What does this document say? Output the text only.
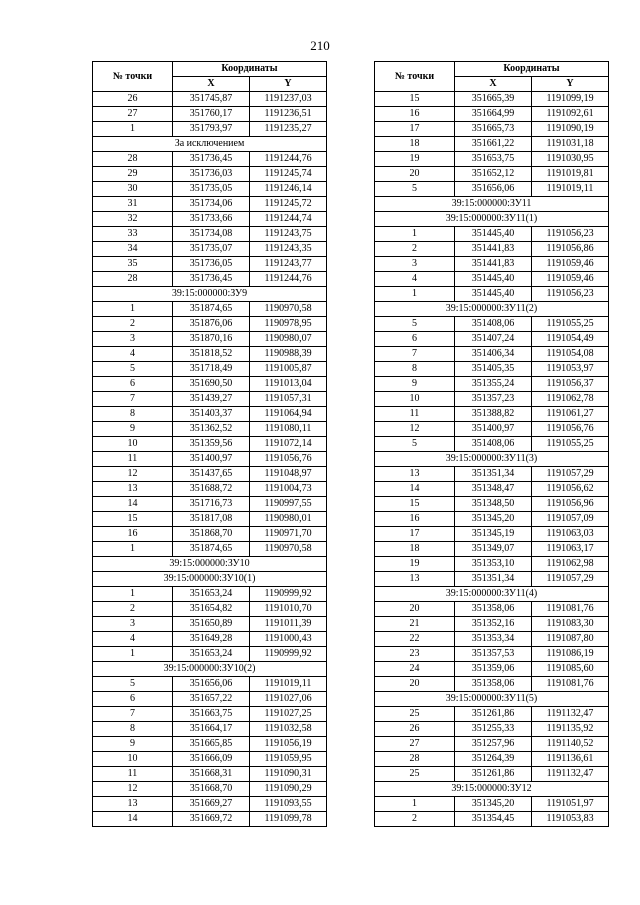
210
№ точки	Координаты	
	X	Y
26	351745,87	1191237,03
27	351760,17	1191236,51
1	351793,97	1191235,27
За исключением		
28	351736,45	1191244,76
29	351736,03	1191245,74
30	351735,05	1191246,14
31	351734,06	1191245,72
32	351733,66	1191244,74
33	351734,08	1191243,75
34	351735,07	1191243,35
35	351736,05	1191243,77
28	351736,45	1191244,76
39:15:000000:ЗУ9		
1	351874,65	1190970,58
2	351876,06	1190978,95
3	351870,16	1190980,07
4	351818,52	1190988,39
5	351718,49	1191005,87
6	351690,50	1191013,04
7	351439,27	1191057,31
8	351403,37	1191064,94
9	351362,52	1191080,11
10	351359,56	1191072,14
11	351400,97	1191056,76
12	351437,65	1191048,97
13	351688,72	1191004,73
14	351716,73	1190997,55
15	351817,08	1190980,01
16	351868,70	1190971,70
1	351874,65	1190970,58
39:15:000000:ЗУ10		
39:15:000000:ЗУ10(1)		
1	351653,24	1190999,92
2	351654,82	1191010,70
3	351650,89	1191011,39
4	351649,28	1191000,43
1	351653,24	1190999,92
39:15:000000:ЗУ10(2)		
5	351656,06	1191019,11
6	351657,22	1191027,06
7	351663,75	1191027,25
8	351664,17	1191032,58
9	351665,85	1191056,19
10	351666,09	1191059,95
11	351668,31	1191090,31
12	351668,70	1191090,29
13	351669,27	1191093,55
14	351669,72	1191099,78
№ точки	Координаты	
	X	Y
15	351665,39	1191099,19
16	351664,99	1191092,61
17	351665,73	1191090,19
18	351661,22	1191031,18
19	351653,75	1191030,95
20	351652,12	1191019,81
5	351656,06	1191019,11
39:15:000000:ЗУ11		
39:15:000000:ЗУ11(1)		
1	351445,40	1191056,23
2	351441,83	1191056,86
3	351441,83	1191059,46
4	351445,40	1191059,46
1	351445,40	1191056,23
39:15:000000:ЗУ11(2)		
5	351408,06	1191055,25
6	351407,24	1191054,49
7	351406,34	1191054,08
8	351405,35	1191053,97
9	351355,24	1191056,37
10	351357,23	1191062,78
11	351388,82	1191061,27
12	351400,97	1191056,76
5	351408,06	1191055,25
39:15:000000:ЗУ11(3)		
13	351351,34	1191057,29
14	351348,47	1191056,62
15	351348,50	1191056,96
16	351345,20	1191057,09
17	351345,19	1191063,03
18	351349,07	1191063,17
19	351353,10	1191062,98
13	351351,34	1191057,29
39:15:000000:ЗУ11(4)		
20	351358,06	1191081,76
21	351352,16	1191083,30
22	351353,34	1191087,80
23	351357,53	1191086,19
24	351359,06	1191085,60
20	351358,06	1191081,76
39:15:000000:ЗУ11(5)		
25	351261,86	1191132,47
26	351255,33	1191135,92
27	351257,96	1191140,52
28	351264,39	1191136,61
25	351261,86	1191132,47
39:15:000000:ЗУ12		
1	351345,20	1191051,97
2	351354,45	1191053,83
